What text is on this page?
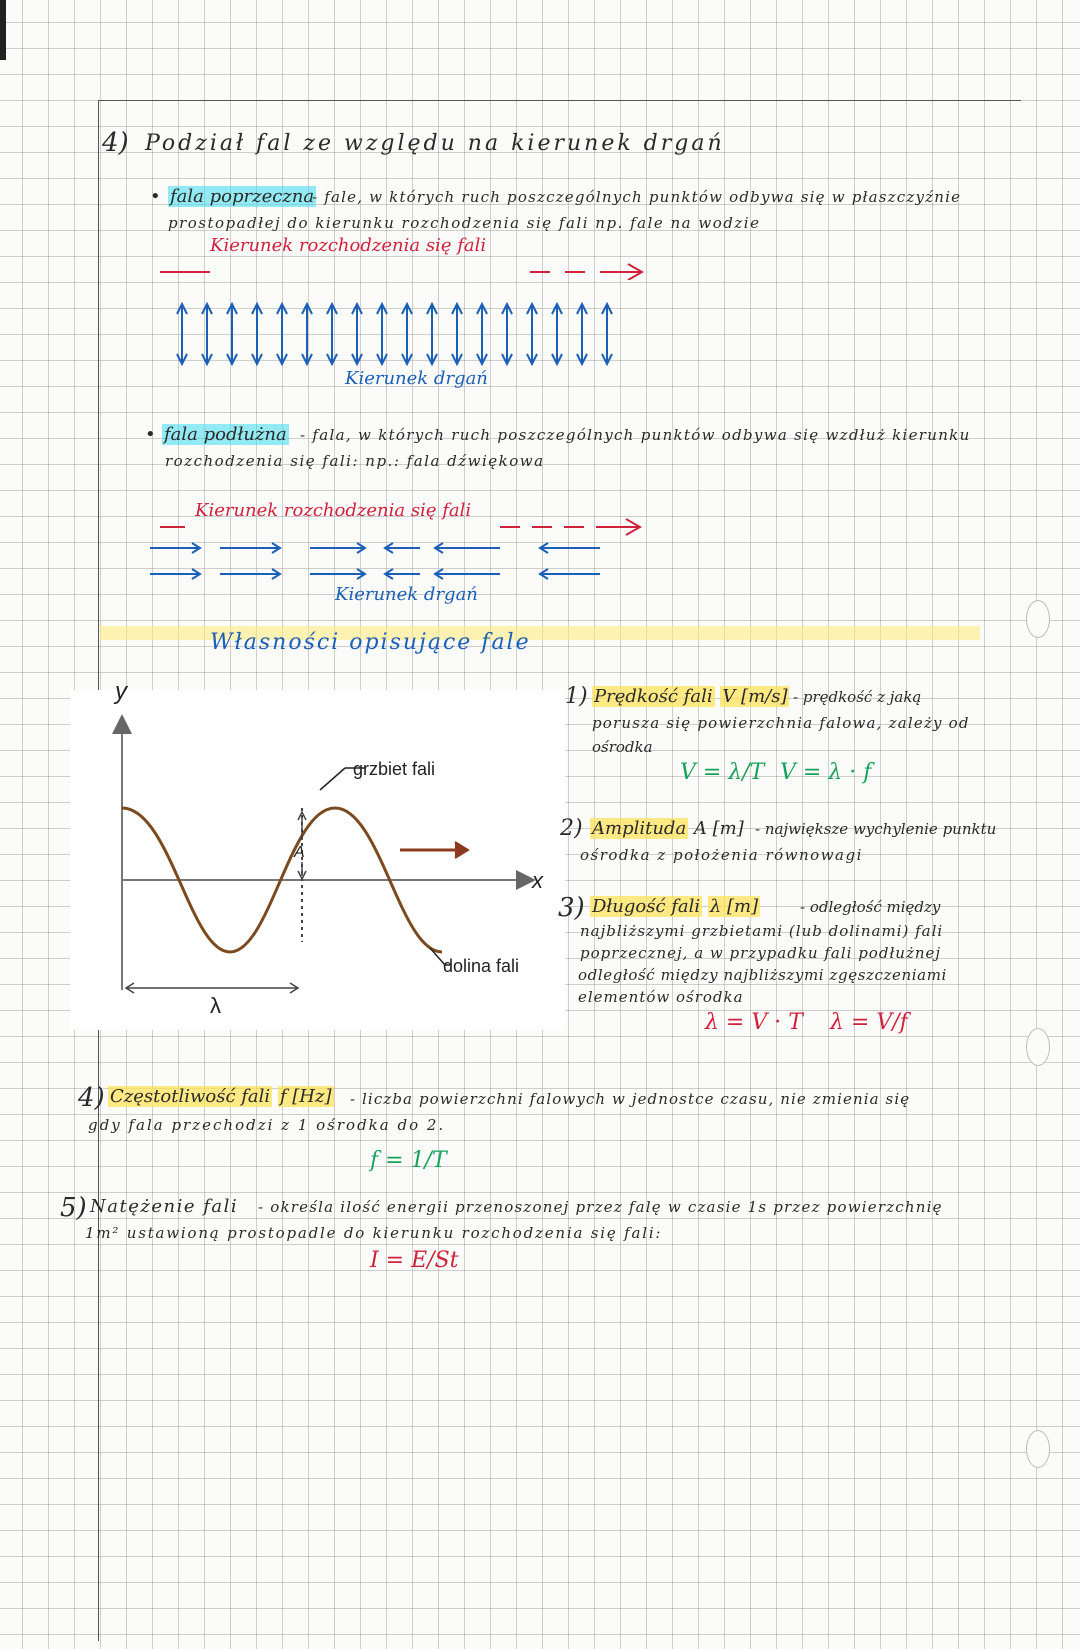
4) Podział fal ze względu na kierunek drgań
• fala poprzeczna
- fale, w których ruch poszczególnych punktów odbywa się w płaszczyźnie
prostopadłej do kierunku rozchodzenia się fali np. fale na wodzie
Kierunek rozchodzenia się fali
Kierunek drgań
• fala podłużna - fala, w których ruch poszczególnych punktów odbywa się wzdłuż kierunku
rozchodzenia się fali: np.: fala dźwiękowa
Kierunek rozchodzenia się fali
Kierunek drgań
Własności opisujące fale
y
x
grzbiet fali
dolina fali
A
λ
1) Prędkość fali V [m/s] - prędkość z jaką
porusza się powierzchnia falowa, zależy od
ośrodka
V = λ/T V = λ · f
2) Amplituda A [m] - największe wychylenie punktu
ośrodka z położenia równowagi
3) Długość fali λ [m]	- odległość między
najbliższymi grzbietami (lub dolinami) fali
poprzecznej, a w przypadku fali podłużnej
odległość między najbliższymi zgęszczeniami
elementów ośrodka
λ = V · T λ = V/f
4) Częstotliwość fali f [Hz] - liczba powierzchni falowych w jednostce czasu, nie zmienia się
gdy fala przechodzi z 1 ośrodka do 2.
f = 1/T
5) Natężenie fali - określa ilość energii przenoszonej przez falę w czasie 1s przez powierzchnię
1m² ustawioną prostopadle do kierunku rozchodzenia się fali:
I = E/St
